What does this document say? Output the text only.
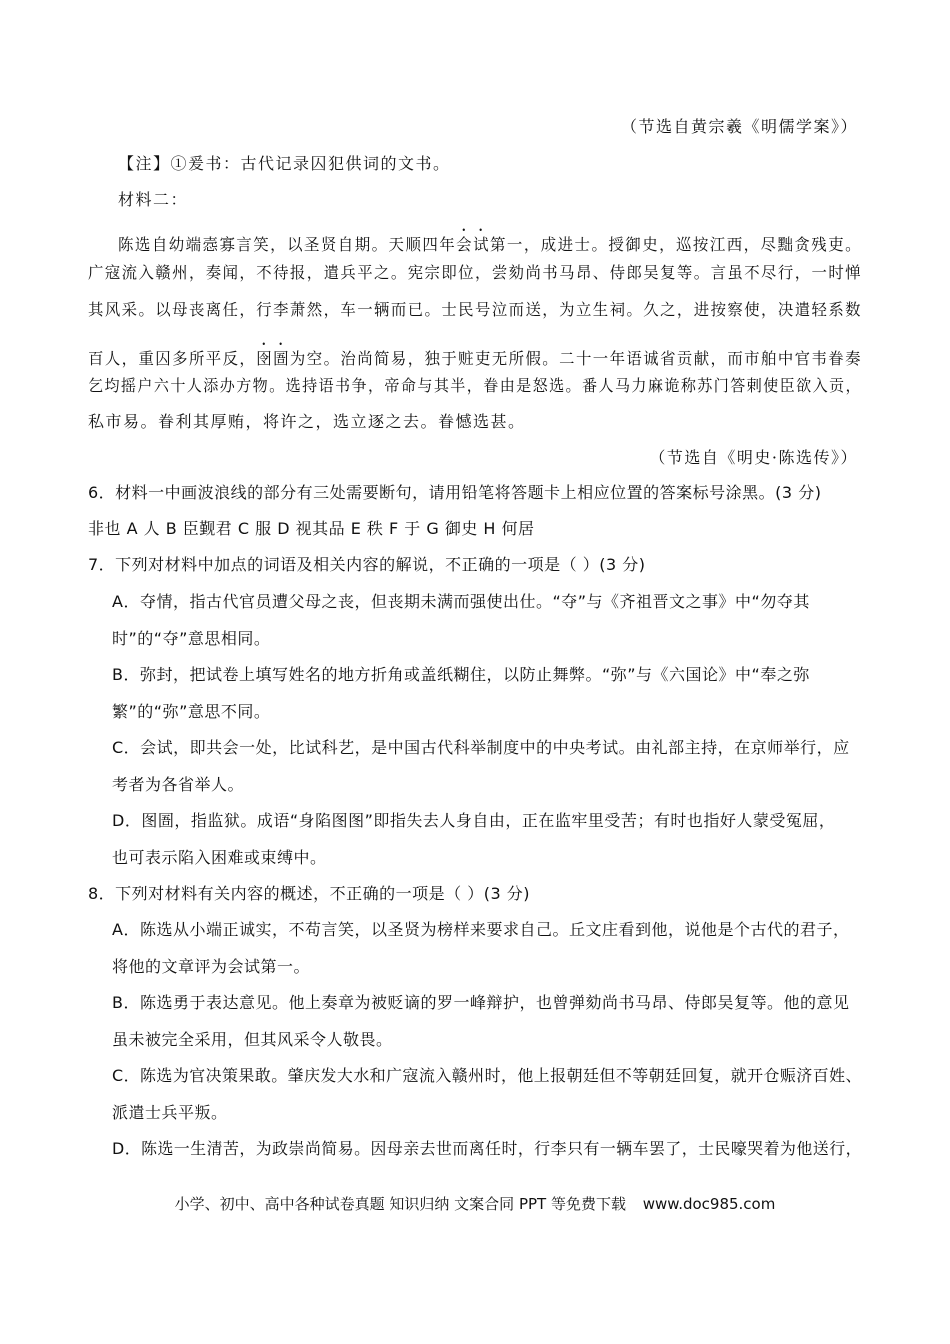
（节选自黄宗羲《明儒学案》）
【注】①爰书：古代记录囚犯供词的文书。
材料二：
陈选自幼端悫寡言笑，以圣贤自期。天顺四年会试第一，成进士。授御史，巡按江西，尽黜贪残吏。
广寇流入赣州，奏闻，不待报，遣兵平之。宪宗即位，尝劾尚书马昂、侍郎吴复等。言虽不尽行，一时惮
其风采。以母丧离任，行李萧然，车一辆而已。士民号泣而送，为立生祠。久之，进按察使，决遣轻系数
百人，重囚多所平反，囹圄为空。治尚简易，独于赃吏无所假。二十一年语诚省贡献，而市舶中官韦眷奏
乞均摇户六十人添办方物。选持语书争，帝命与其半，眷由是怒选。番人马力麻诡称苏门答剌使臣欲入贡，
私市易。眷利其厚贿，将许之，选立逐之去。眷憾选甚。
（节选自《明史·陈选传》）
6．材料一中画波浪线的部分有三处需要断句，请用铅笔将答题卡上相应位置的答案标号涂黑。(3 分)
非也 A 人 B 臣觐君 C 服 D 视其品 E 秩 F 于 G 御史 H 何居
7．下列对材料中加点的词语及相关内容的解说，不正确的一项是（ ）(3 分)
A．夺情，指古代官员遭父母之丧，但丧期未满而强使出仕。“夺”与《齐祖晋文之事》中“勿夺其
时”的“夺”意思相同。
B．弥封，把试卷上填写姓名的地方折角或盖纸糊住，以防止舞弊。“弥”与《六国论》中“奉之弥
繁”的“弥”意思不同。
C．会试，即共会一处，比试科艺，是中国古代科举制度中的中央考试。由礼部主持，在京师举行，应
考者为各省举人。
D．图圄，指监狱。成语“身陷图图”即指失去人身自由，正在监牢里受苦；有时也指好人蒙受冤屈，
也可表示陷入困难或束缚中。
8．下列对材料有关内容的概述，不正确的一项是（ ）(3 分)
A．陈选从小端正诚实，不苟言笑，以圣贤为榜样来要求自己。丘文庄看到他，说他是个古代的君子，
将他的文章评为会试第一。
B．陈选勇于表达意见。他上奏章为被贬谪的罗一峰辩护，也曾弹劾尚书马昂、侍郎吴复等。他的意见
虽未被完全采用，但其风采令人敬畏。
C．陈选为官决策果敢。肇庆发大水和广寇流入赣州时，他上报朝廷但不等朝廷回复，就开仓赈济百姓、
派遣士兵平叛。
D．陈选一生清苦，为政崇尚简易。因母亲去世而离任时，行李只有一辆车罢了，士民嚎哭着为他送行，
小学、初中、高中各种试卷真题 知识归纳 文案合同 PPT 等免费下载 www.doc985.com
